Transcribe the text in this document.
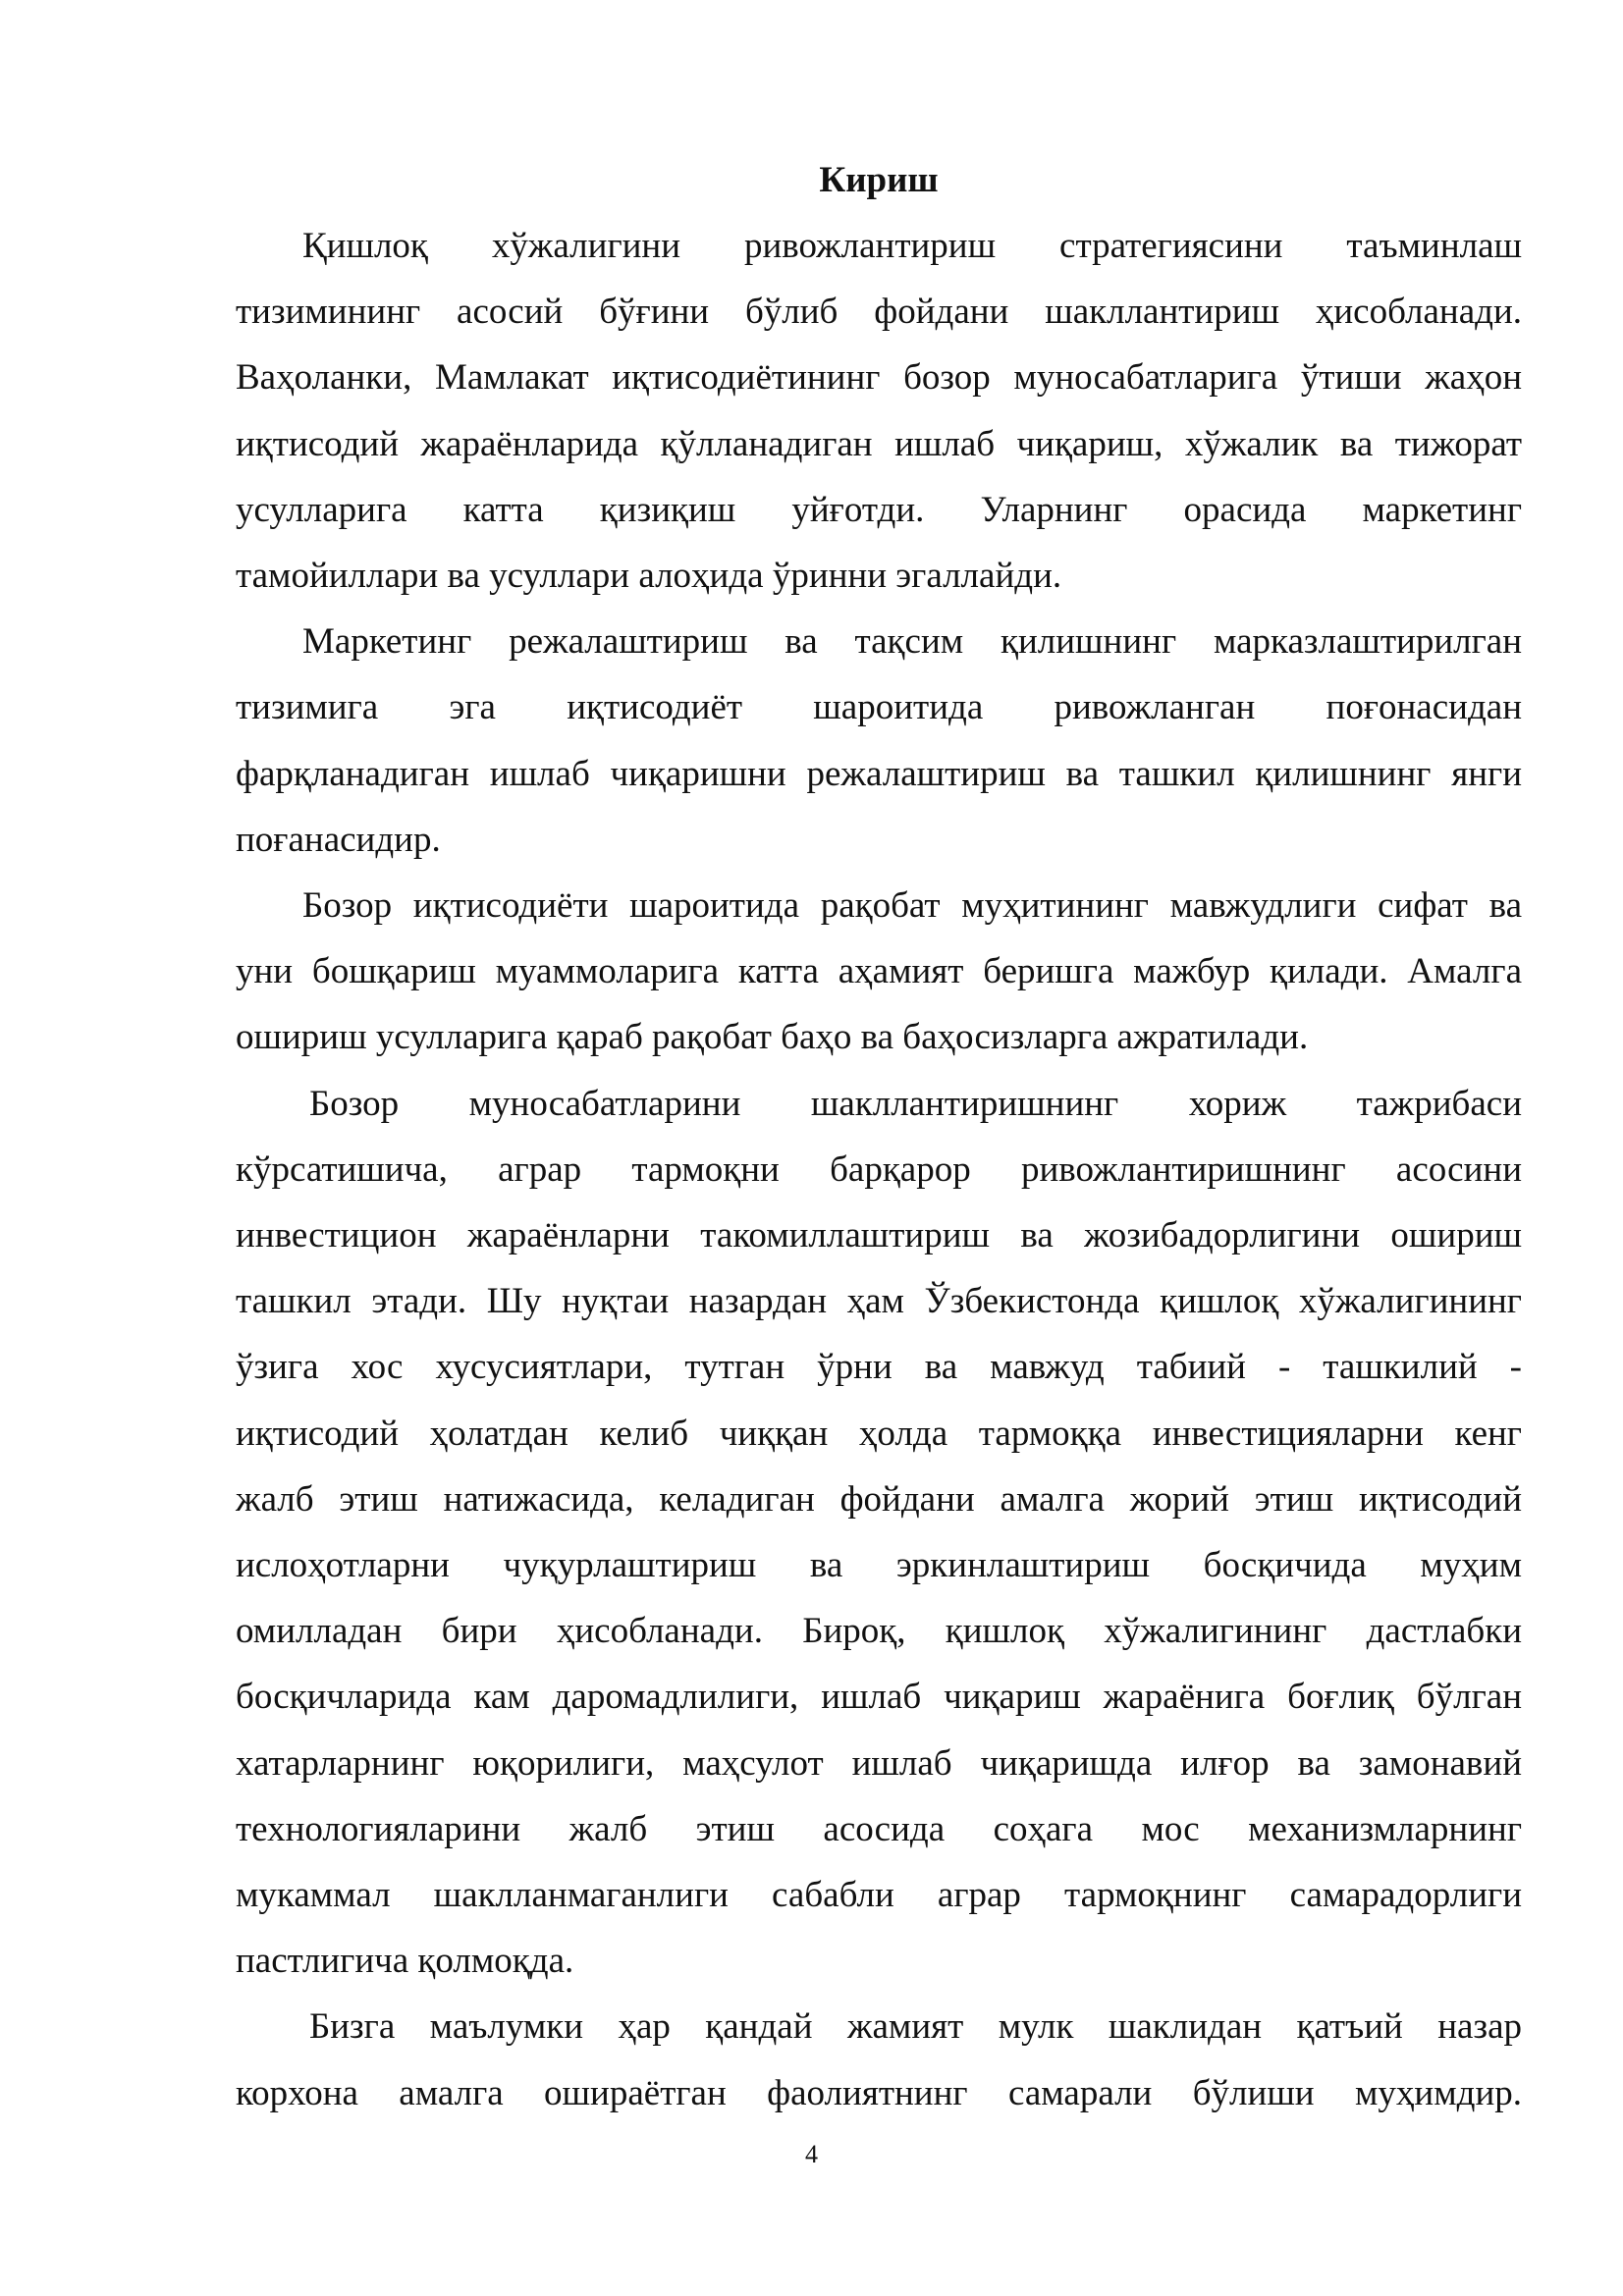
Кириш
Қишлоқ хўжалигини ривожлантириш стратегиясини таъминлаш
тизимининг асосий бўғини бўлиб фойдани шакллантириш ҳисобланади.
Ваҳоланки, Мамлакат иқтисодиётининг бозор муносабатларига ўтиши жаҳон
иқтисодий жараёнларида қўлланадиган ишлаб чиқариш, хўжалик ва тижорат
усулларига катта қизиқиш уйғотди. Уларнинг орасида маркетинг
тамойиллари ва усуллари алоҳида ўринни эгаллайди.
Маркетинг режалаштириш ва тақсим қилишнинг марказлаштирилган
тизимига эга иқтисодиёт шароитида ривожланган поғонасидан
фарқланадиган ишлаб чиқаришни режалаштириш ва ташкил қилишнинг янги
поғанасидир.
Бозор иқтисодиёти шароитида рақобат муҳитининг мавжудлиги сифат ва
уни бошқариш муаммоларига катта аҳамият беришга мажбур қилади. Амалга
ошириш усулларига қараб рақобат баҳо ва баҳосизларга ажратилади.
Бозор муносабатларини шакллантиришнинг хориж тажрибаси
кўрсатишича, аграр тармоқни барқарор ривожлантиришнинг асосини
инвестицион жараёнларни такомиллаштириш ва жозибадорлигини ошириш
ташкил этади. Шу нуқтаи назардан ҳам Ўзбекистонда қишлоқ хўжалигининг
ўзига хос хусусиятлари, тутган ўрни ва мавжуд табиий - ташкилий -
иқтисодий ҳолатдан келиб чиққан ҳолда тармоққа инвестицияларни кенг
жалб этиш натижасида, келадиган фойдани амалга жорий этиш иқтисодий
ислоҳотларни чуқурлаштириш ва эркинлаштириш босқичида муҳим
омилладан бири ҳисобланади. Бироқ, қишлоқ хўжалигининг дастлабки
босқичларида кам даромадлилиги, ишлаб чиқариш жараёнига боғлиқ бўлган
хатарларнинг юқорилиги, маҳсулот ишлаб чиқаришда илғор ва замонавий
технологияларини жалб этиш асосида соҳага мос механизмларнинг
мукаммал шаклланмаганлиги сабабли аграр тармоқнинг самарадорлиги
пастлигича қолмоқда.
Бизга маълумки ҳар қандай жамият мулк шаклидан қатъий назар
корхона амалга ошираётган фаолиятнинг самарали бўлиши муҳимдир.
4
